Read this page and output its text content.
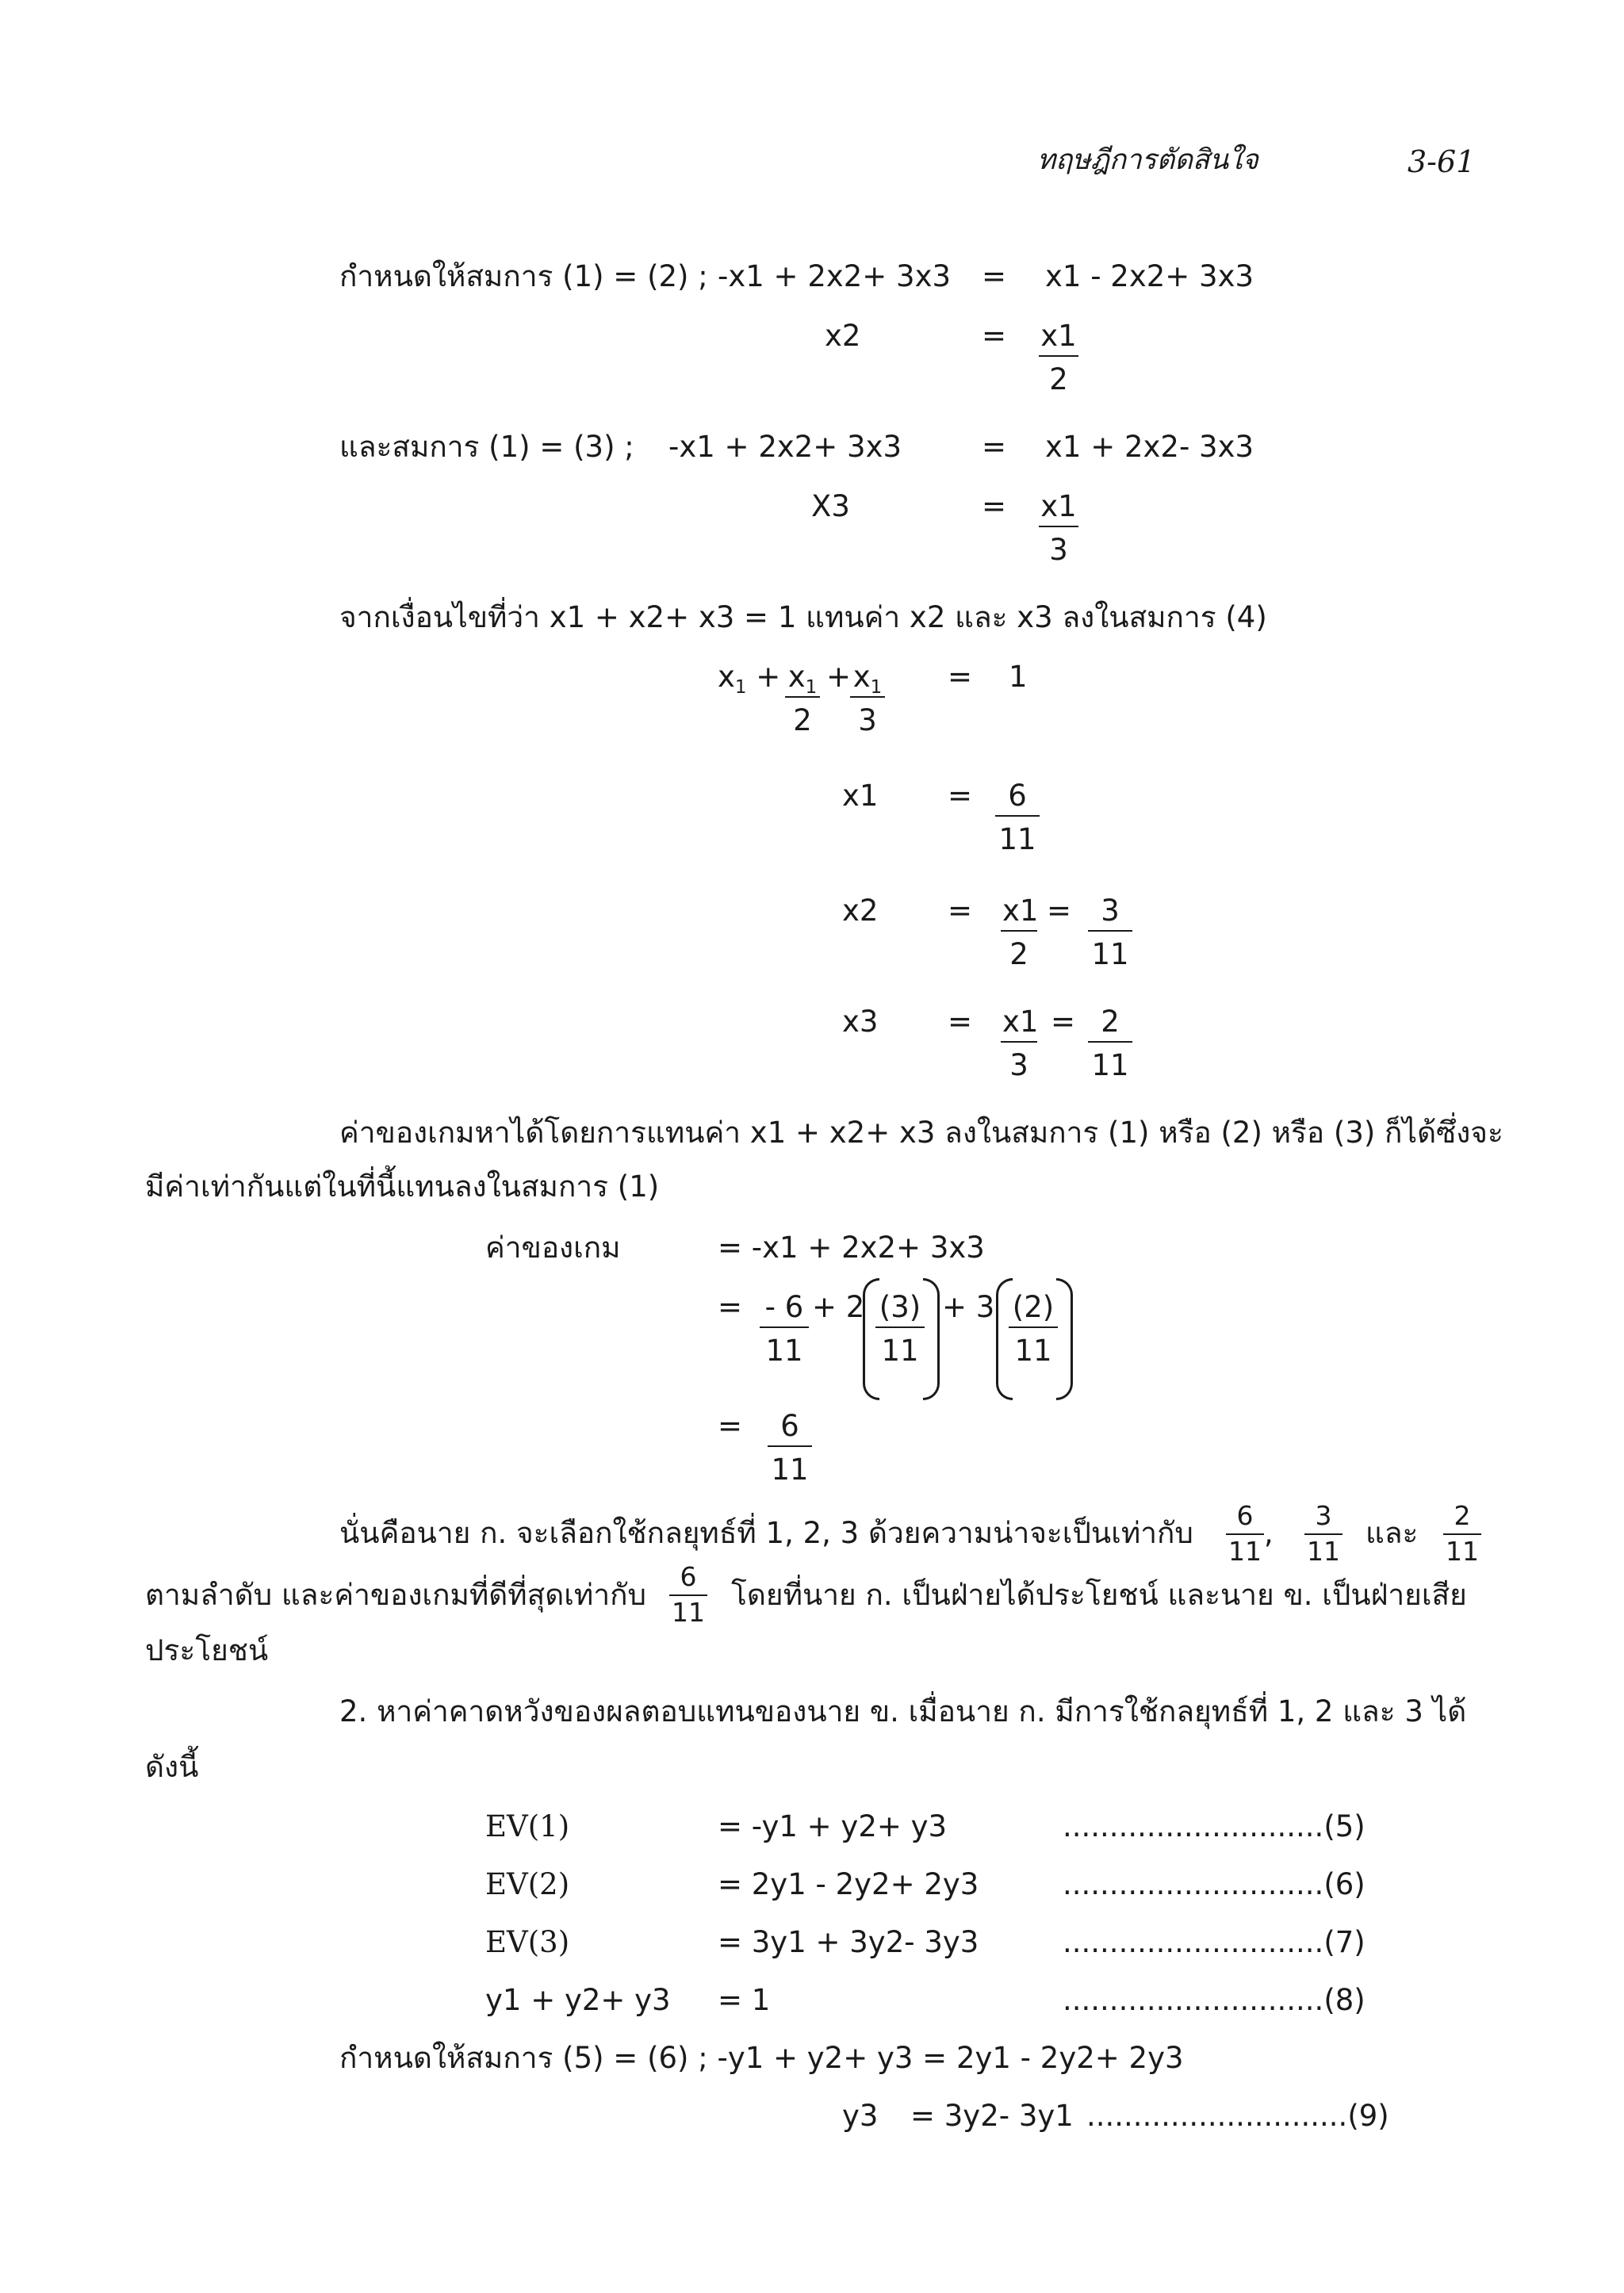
ทฤษฎีการตัดสินใจ	3-61
กำหนดให้สมการ (1) = (2) ; -x1 + 2x2+ 3x3 = x1 - 2x2+ 3x3
x2	= $\frac{x1}{2}$
และสมการ (1) = (3) ; -x1 + 2x2+ 3x3	= x1 + 2x2- 3x3
X3	= $\frac{x1}{3}$
จากเงื่อนไขที่ว่า x1 + x2+ x3 = 1 แทนค่า x2 และ x3 ลงในสมการ (4)
$x_1 + \frac{x_1}{2}$ +
$\frac{x_1}{3} = 1$
$x1 = \frac{6}{11}$
$x2 = \frac{x1}{2} = \frac{3}{11}$
$x3 = \frac{x1}{3} = \frac{2}{11}$
ค่าของเกมหาได้โดยการแทนค่า x1 + x2+ x3 ลงในสมการ (1) หรือ (2) หรือ (3) ก็ได้ซึ่งจะ
มีค่าเท่ากันแต่ในที่นี้แทนลงในสมการ (1)
ค่าของเกม	= -x1 + 2x2+ 3x3
= $\frac{- 6}{11} + 2 \frac{(3)}{11} + 3 \frac{(2)}{11}$
= $\frac{6}{11}$
นั่นคือนาย ก. จะเลือกใช้กลยุทธ์ที่ 1, 2, 3 ด้วยความน่าจะเป็นเท่ากับ $\frac{6}{11}$ , $\frac{3}{11}$ และ $\frac{2}{11}$
ตามลำดับ และค่าของเกมที่ดีที่สุดเท่ากับ $\frac{6}{11}$ โดยที่นาย ก. เป็นฝ่ายได้ประโยชน์ และนาย ข. เป็นฝ่ายเสีย
ประโยชน์
2. หาค่าคาดหวังของผลตอบแทนของนาย ข. เมื่อนาย ก. มีการใช้กลยุทธ์ที่ 1, 2 และ 3 ได้
ดังนี้
EV(1)	= -y1 + y2+ y3	............................(5)
EV(2)	= 2y1 - 2y2+ 2y3	............................(6)
EV(3)	= 3y1 + 3y2- 3y3	............................(7)
y1 + y2+ y3 = 1	............................(8)
กำหนดให้สมการ (5) = (6) ; -y1 + y2+ y3 = 2y1 - 2y2+ 2y3
y3 = 3y2- 3y1 ............................(9)
